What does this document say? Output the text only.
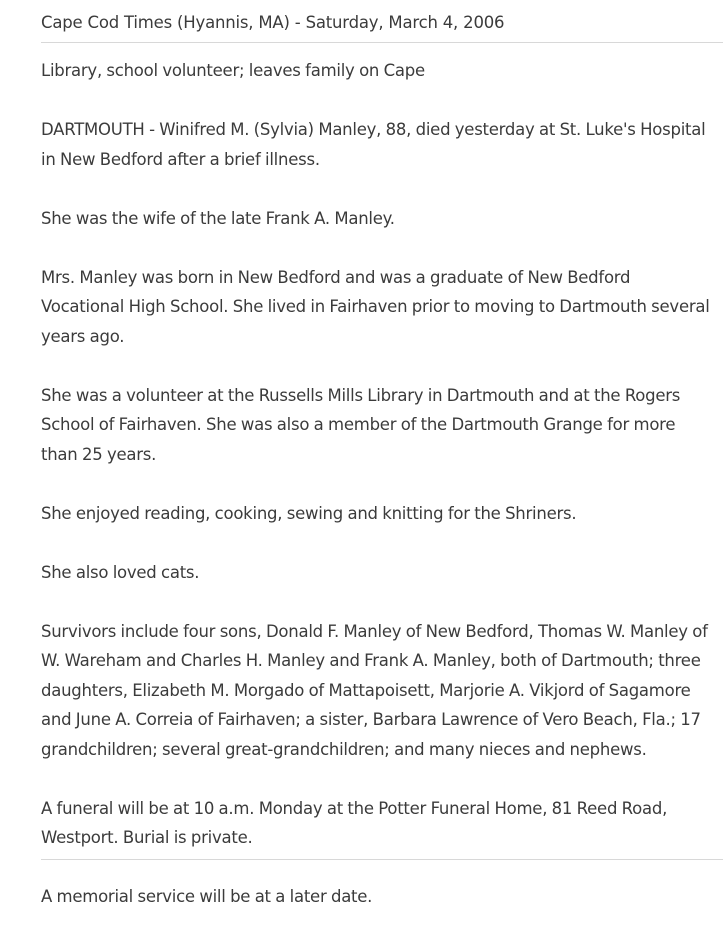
Cape Cod Times (Hyannis, MA) - Saturday, March 4, 2006

Library, school volunteer; leaves family on Cape

DARTMOUTH - Winifred M. (Sylvia) Manley, 88, died yesterday at St. Luke's Hospital in New Bedford after a brief illness.

She was the wife of the late Frank A. Manley.

Mrs. Manley was born in New Bedford and was a graduate of New Bedford Vocational High School. She lived in Fairhaven prior to moving to Dartmouth several years ago.

She was a volunteer at the Russells Mills Library in Dartmouth and at the Rogers School of Fairhaven. She was also a member of the Dartmouth Grange for more than 25 years.

She enjoyed reading, cooking, sewing and knitting for the Shriners.

She also loved cats.

Survivors include four sons, Donald F. Manley of New Bedford, Thomas W. Manley of W. Wareham and Charles H. Manley and Frank A. Manley, both of Dartmouth; three daughters, Elizabeth M. Morgado of Mattapoisett, Marjorie A. Vikjord of Sagamore and June A. Correia of Fairhaven; a sister, Barbara Lawrence of Vero Beach, Fla.; 17 grandchildren; several great-grandchildren; and many nieces and nephews.

A funeral will be at 10 a.m. Monday at the Potter Funeral Home, 81 Reed Road, Westport. Burial is private.

A memorial service will be at a later date.
